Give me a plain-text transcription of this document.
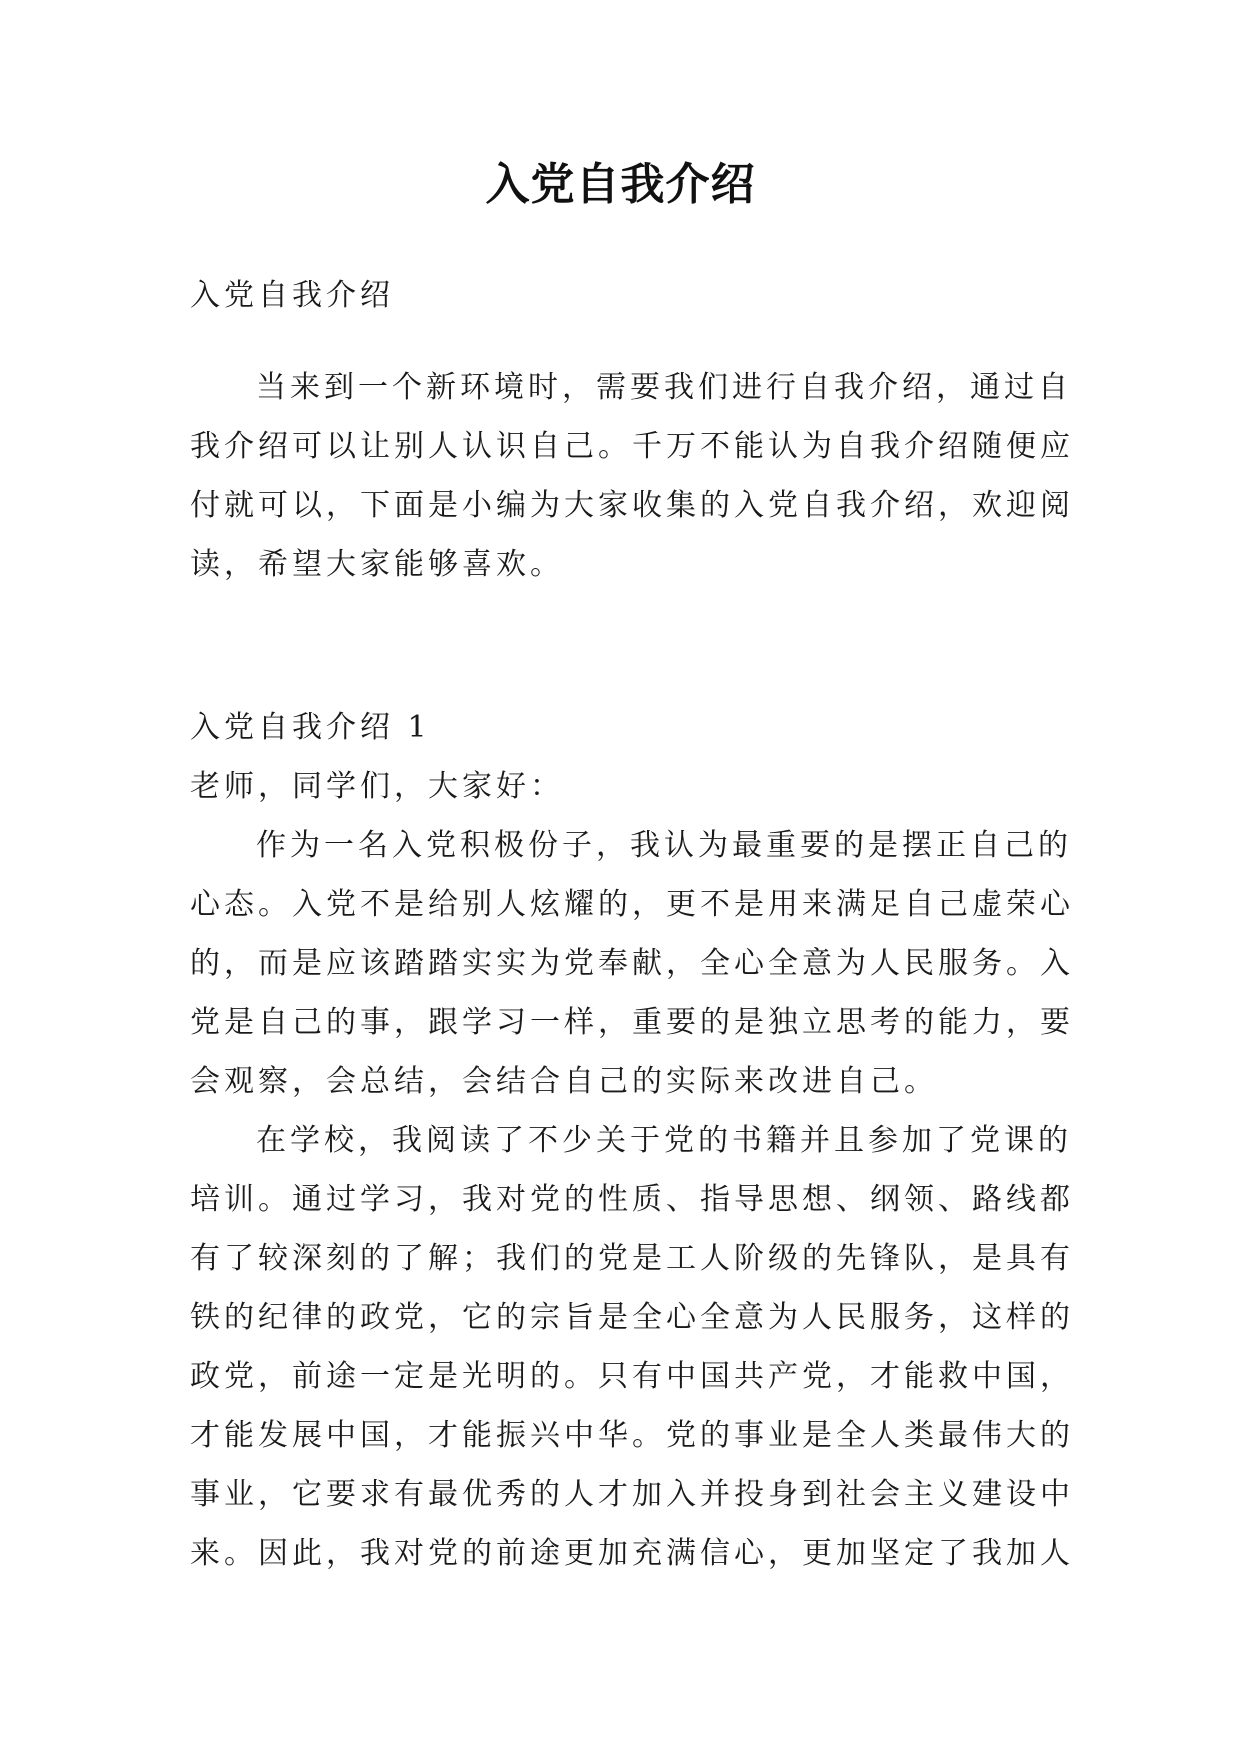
入党自我介绍

入党自我介绍

当来到一个新环境时，需要我们进行自我介绍，通过自
我介绍可以让别人认识自己。千万不能认为自我介绍随便应
付就可以，下面是小编为大家收集的入党自我介绍，欢迎阅
读，希望大家能够喜欢。

入党自我介绍 1

老师，同学们，大家好：

作为一名入党积极份子，我认为最重要的是摆正自己的
心态。入党不是给别人炫耀的，更不是用来满足自己虚荣心
的，而是应该踏踏实实为党奉献，全心全意为人民服务。入
党是自己的事，跟学习一样，重要的是独立思考的能力，要
会观察，会总结，会结合自己的实际来改进自己。

在学校，我阅读了不少关于党的书籍并且参加了党课的
培训。通过学习，我对党的性质、指导思想、纲领、路线都
有了较深刻的了解；我们的党是工人阶级的先锋队，是具有
铁的纪律的政党，它的宗旨是全心全意为人民服务，这样的
政党，前途一定是光明的。只有中国共产党，才能救中国，
才能发展中国，才能振兴中华。党的事业是全人类最伟大的
事业，它要求有最优秀的人才加入并投身到社会主义建设中
来。因此，我对党的前途更加充满信心，更加坚定了我加人
